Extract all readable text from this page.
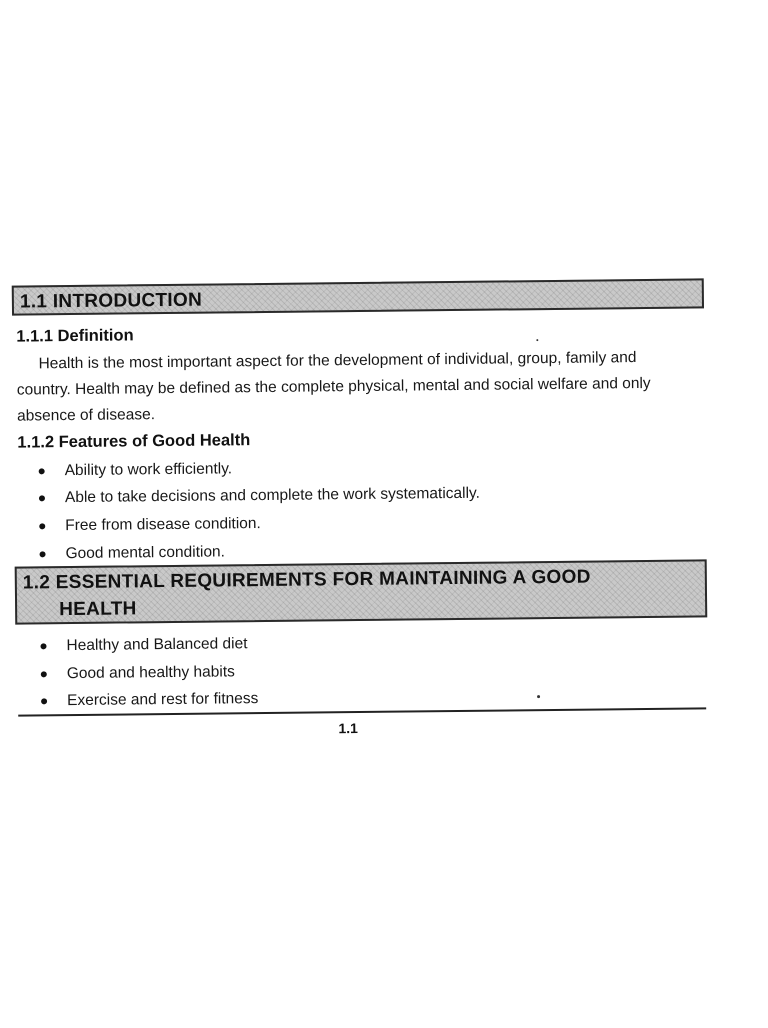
1.1 INTRODUCTION
1.1.1 Definition
Health is the most important aspect for the development of individual, group, family and
country. Health may be defined as the complete physical, mental and social welfare and only
absence of disease.
1.1.2 Features of Good Health
Ability to work efficiently.
Able to take decisions and complete the work systematically.
Free from disease condition.
Good mental condition.
1.2 ESSENTIAL REQUIREMENTS FOR MAINTAINING A GOOD
HEALTH
Healthy and Balanced diet
Good and healthy habits
Exercise and rest for fitness
1.1
